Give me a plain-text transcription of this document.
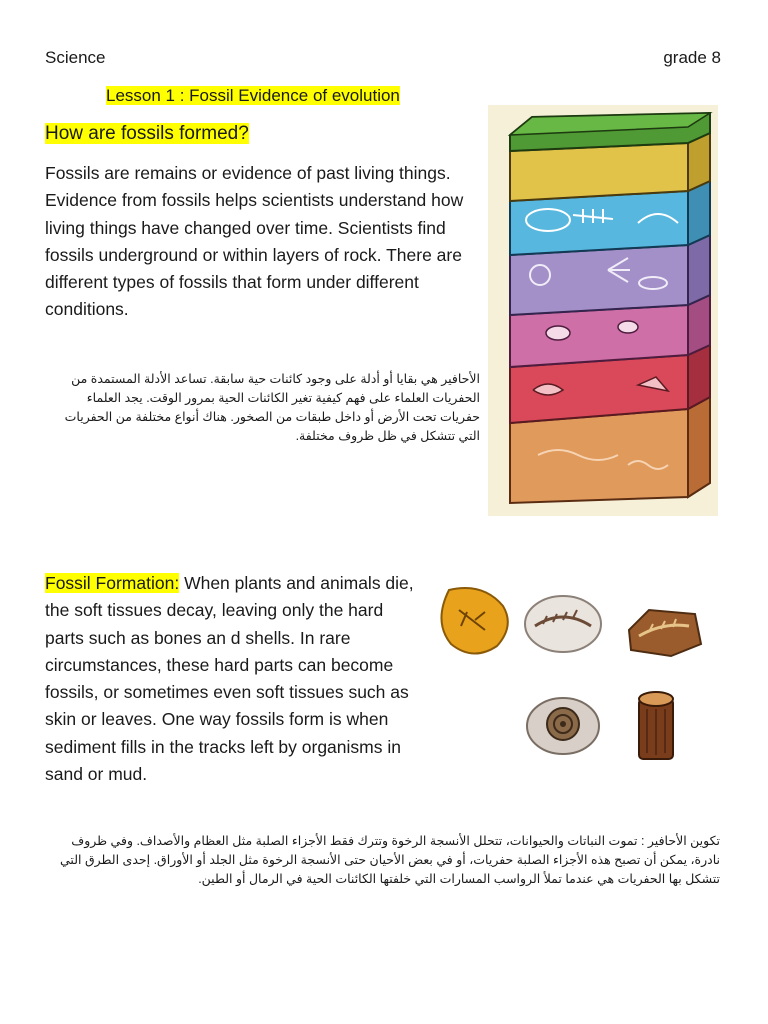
Science	grade 8
Lesson 1 : Fossil Evidence of evolution
How are fossils formed?

Fossils are remains or evidence of past living things. Evidence from fossils helps scientists understand how living things have changed over time. Scientists find fossils underground or within layers of rock. There are different types of fossils that form under different conditions.

الأحافير هي بقايا أو أدلة على وجود كائنات حية سابقة. تساعد الأدلة المستمدة من الحفريات العلماء على فهم كيفية تغير الكائنات الحية بمرور الوقت. يجد العلماء حفريات تحت الأرض أو داخل طبقات من الصخور. هناك أنواع مختلفة من الحفريات التي تتشكل في ظل ظروف مختلفة.

Fossil Formation: When plants and animals die, the soft tissues decay, leaving only the hard parts such as bones an d shells. In rare circumstances, these hard parts can become fossils, or sometimes even soft tissues such as skin or leaves. One way fossils form is when sediment fills in the tracks left by organisms in sand or mud.

تكوين الأحافير : تموت النباتات والحيوانات، تتحلل الأنسجة الرخوة وتترك فقط الأجزاء الصلبة مثل العظام والأصداف. وفي ظروف نادرة، يمكن أن تصبح هذه الأجزاء الصلبة حفريات، أو في بعض الأحيان حتى الأنسجة الرخوة مثل الجلد أو الأوراق. إحدى الطرق التي تتشكل بها الحفريات هي عندما تملأ الرواسب المسارات التي خلفتها الكائنات الحية في الرمال أو الطين.
